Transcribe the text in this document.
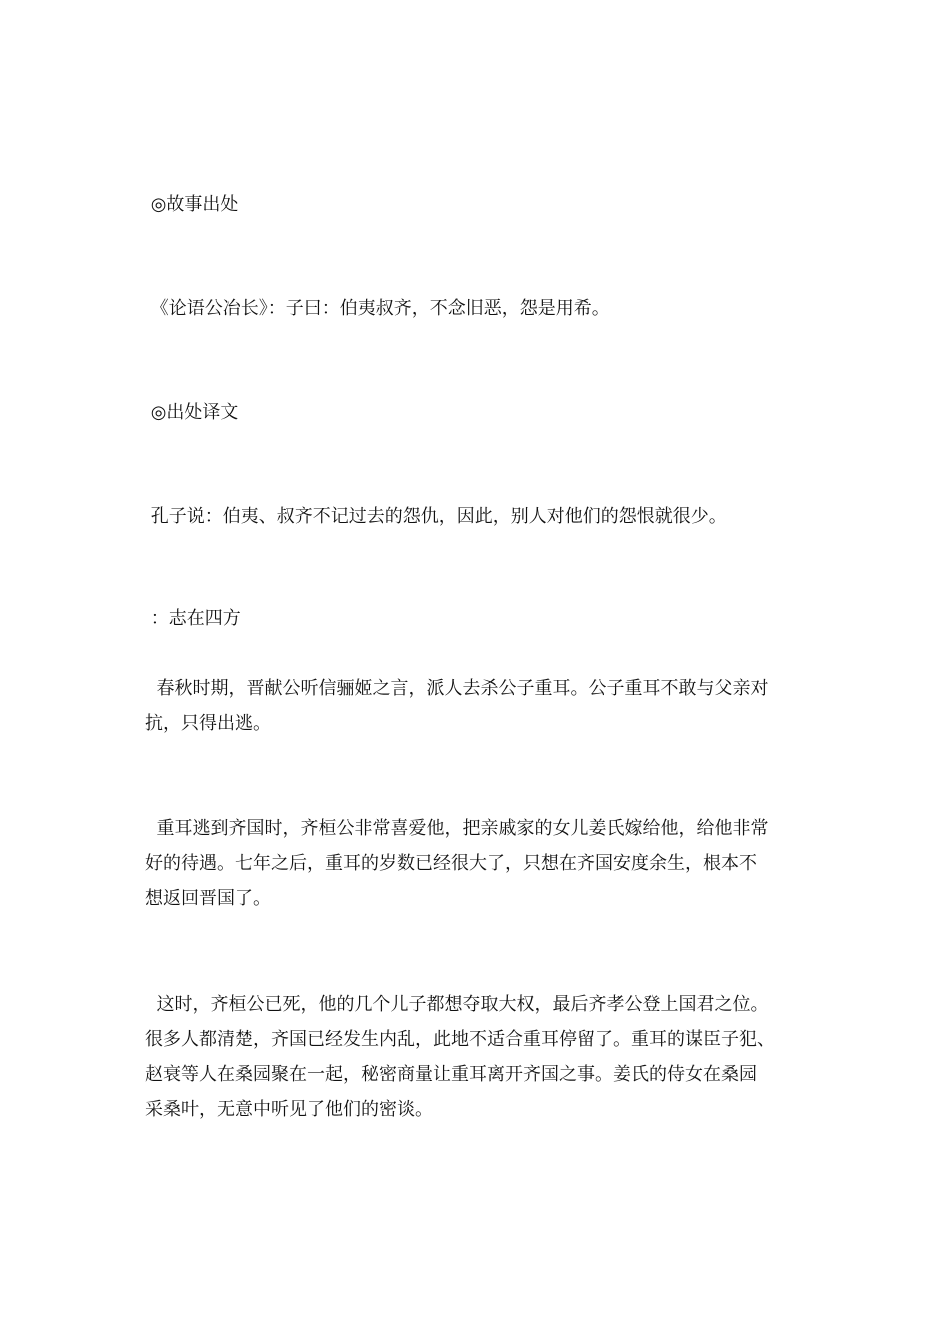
◎故事出处
《论语公冶长》：子曰：伯夷叔齐，不念旧恶，怨是用希。
◎出处译文
孔子说：伯夷、叔齐不记过去的怨仇，因此，别人对他们的怨恨就很少。
：志在四方
春秋时期，晋献公听信骊姬之言，派人去杀公子重耳。公子重耳不敢与父亲对
抗，只得出逃。
重耳逃到齐国时，齐桓公非常喜爱他，把亲戚家的女儿姜氏嫁给他，给他非常
好的待遇。七年之后，重耳的岁数已经很大了，只想在齐国安度余生，根本不
想返回晋国了。
这时，齐桓公已死，他的几个儿子都想夺取大权，最后齐孝公登上国君之位。
很多人都清楚，齐国已经发生内乱，此地不适合重耳停留了。重耳的谋臣子犯、
赵衰等人在桑园聚在一起，秘密商量让重耳离开齐国之事。姜氏的侍女在桑园
采桑叶，无意中听见了他们的密谈。
